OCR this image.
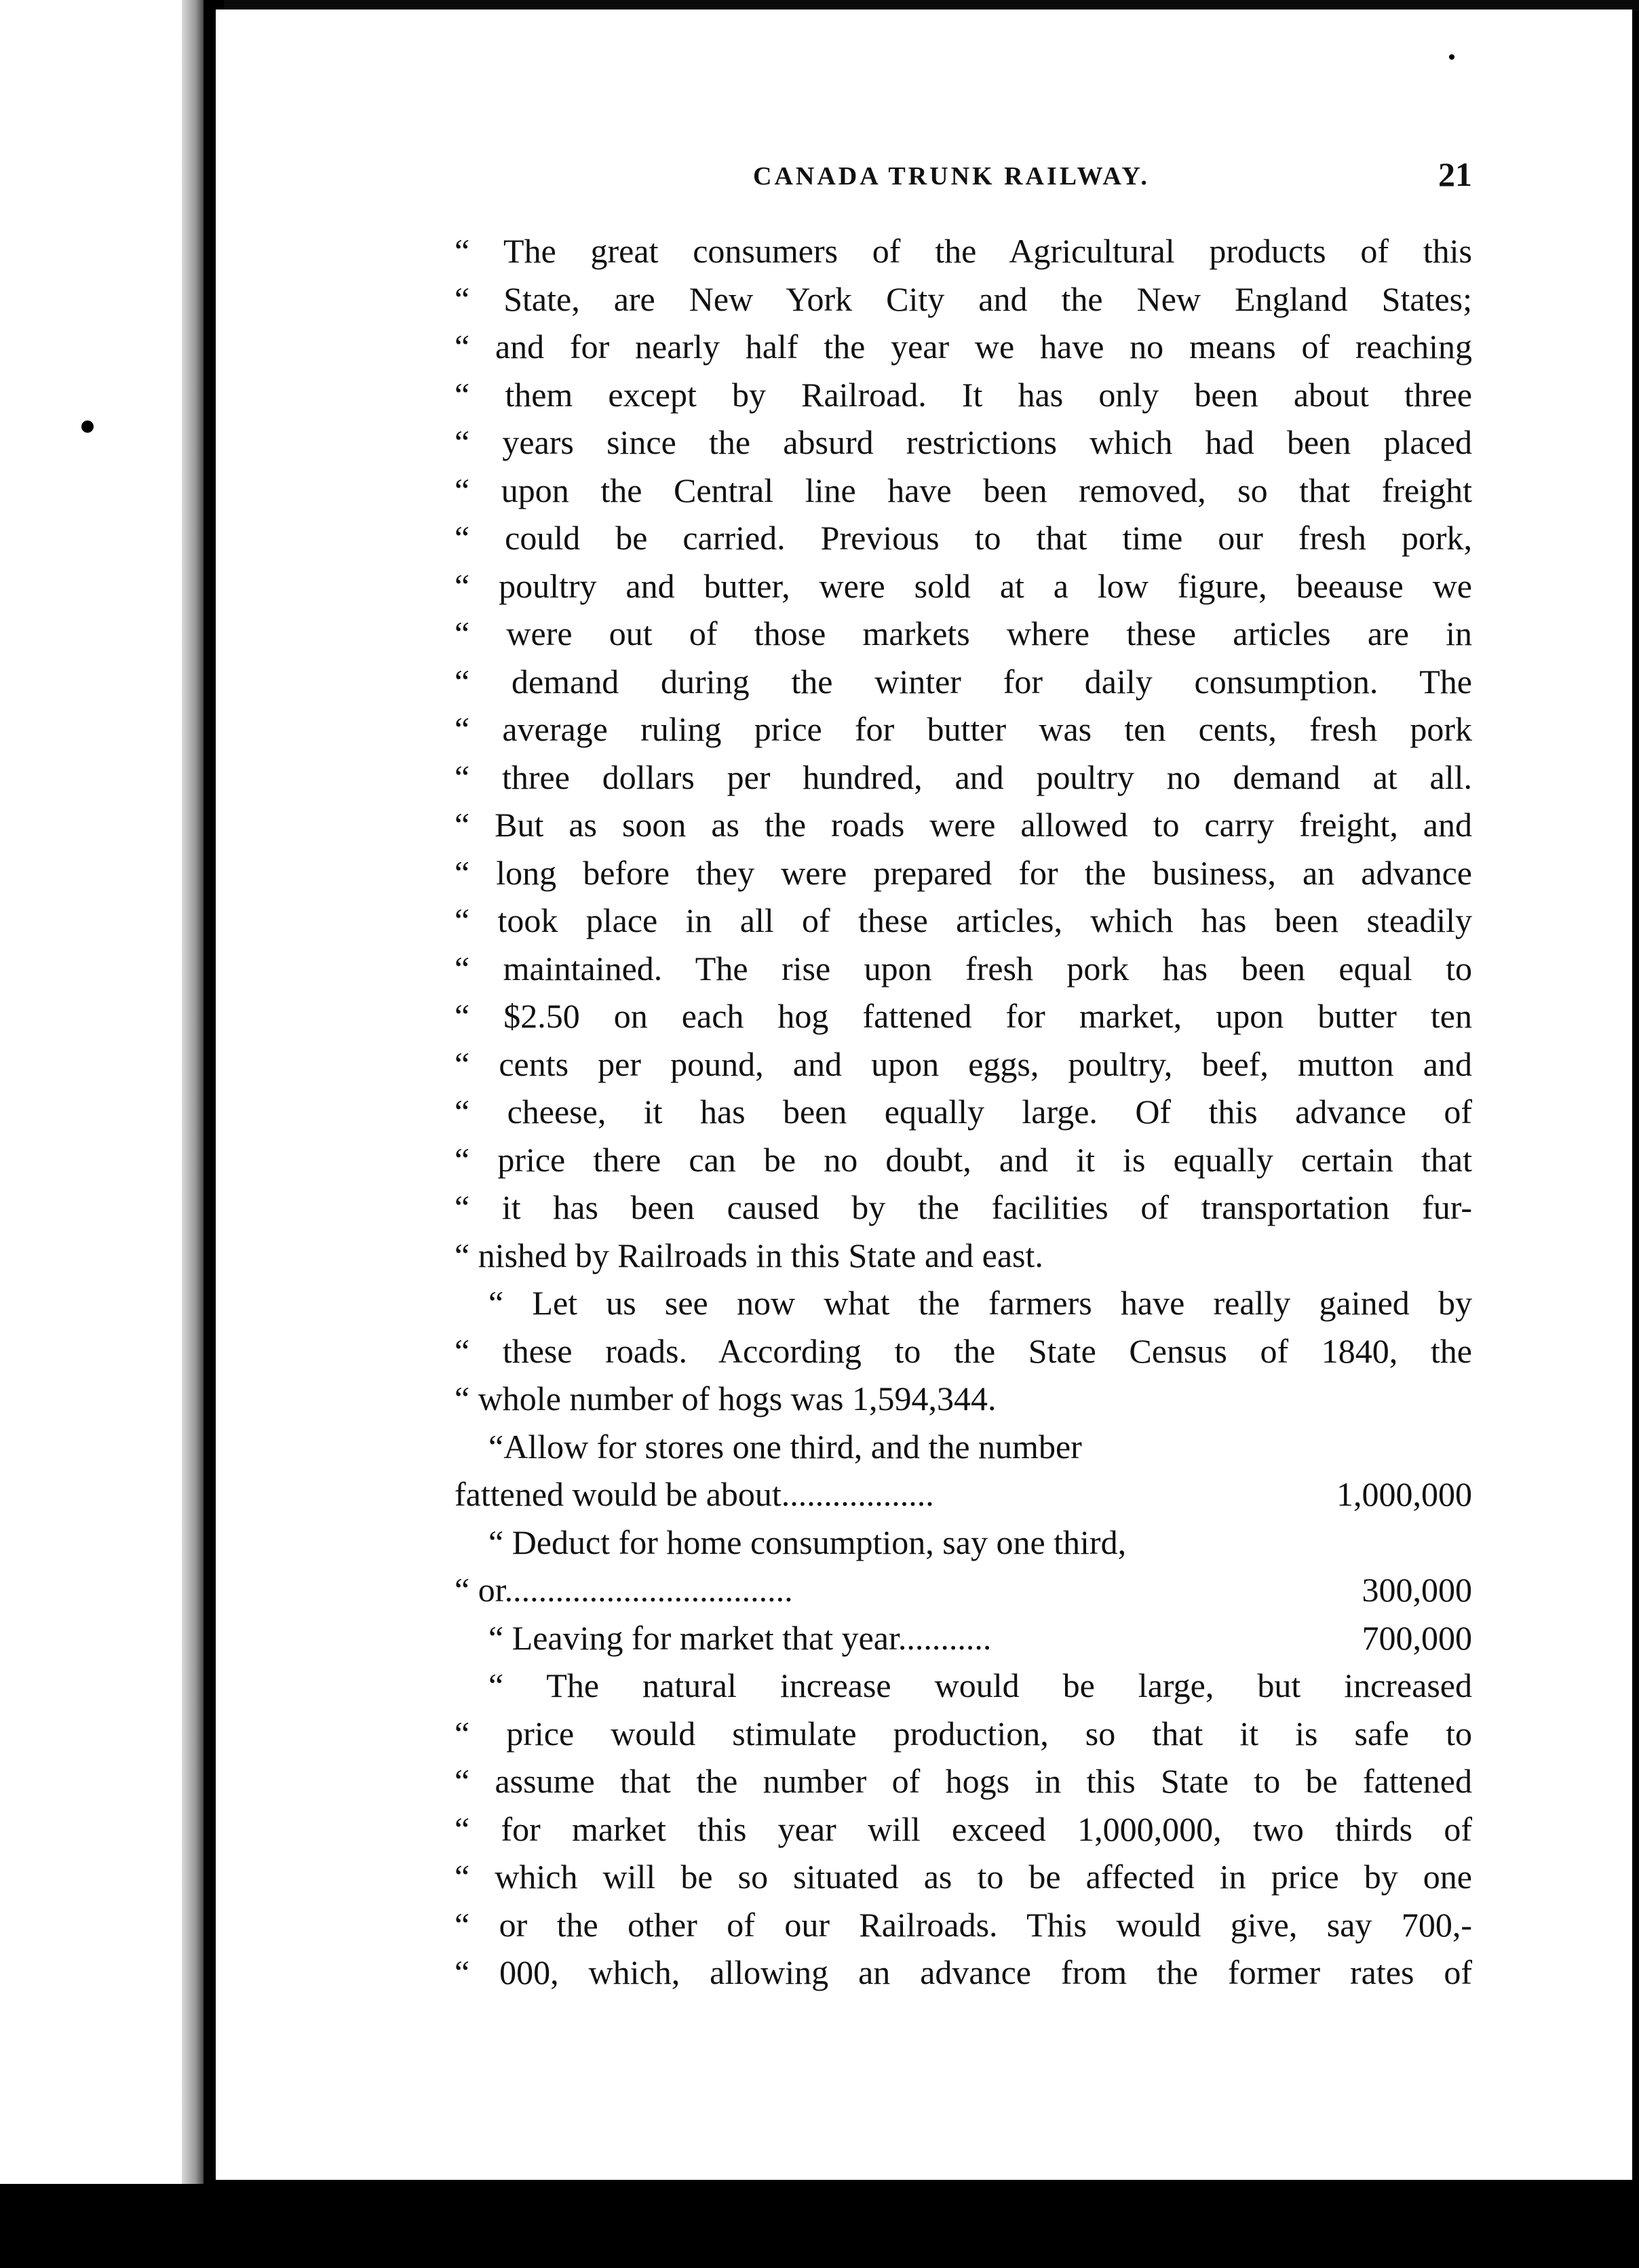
CANADA TRUNK RAILWAY.	21
“ The great consumers of the Agricultural products of this
“ State, are New York City and the New England States;
“ and for nearly half the year we have no means of reaching
“ them except by Railroad. It has only been about three
“ years since the absurd restrictions which had been placed
“ upon the Central line have been removed, so that freight
“ could be carried. Previous to that time our fresh pork,
“ poultry and butter, were sold at a low figure, beeause we
“ were out of those markets where these articles are in
“ demand during the winter for daily consumption. The
“ average ruling price for butter was ten cents, fresh pork
“ three dollars per hundred, and poultry no demand at all.
“ But as soon as the roads were allowed to carry freight, and
“ long before they were prepared for the business, an advance
“ took place in all of these articles, which has been steadily
“ maintained. The rise upon fresh pork has been equal to
“ $2.50 on each hog fattened for market, upon butter ten
“ cents per pound, and upon eggs, poultry, beef, mutton and
“ cheese, it has been equally large. Of this advance of
“ price there can be no doubt, and it is equally certain that
“ it has been caused by the facilities of transportation fur-
“ nished by Railroads in this State and east.
“ Let us see now what the farmers have really gained by
“ these roads. According to the State Census of 1840, the
“ whole number of hogs was 1,594,344.
“Allow for stores one third, and the number
fattened would be about..................	1,000,000
“ Deduct for home consumption, say one third,
“ or..................................	300,000
“ Leaving for market that year...........	700,000
“ The natural increase would be large, but increased
“ price would stimulate production, so that it is safe to
“ assume that the number of hogs in this State to be fattened
“ for market this year will exceed 1,000,000, two thirds of
“ which will be so situated as to be affected in price by one
“ or the other of our Railroads. This would give, say 700,-
“ 000, which, allowing an advance from the former rates of
